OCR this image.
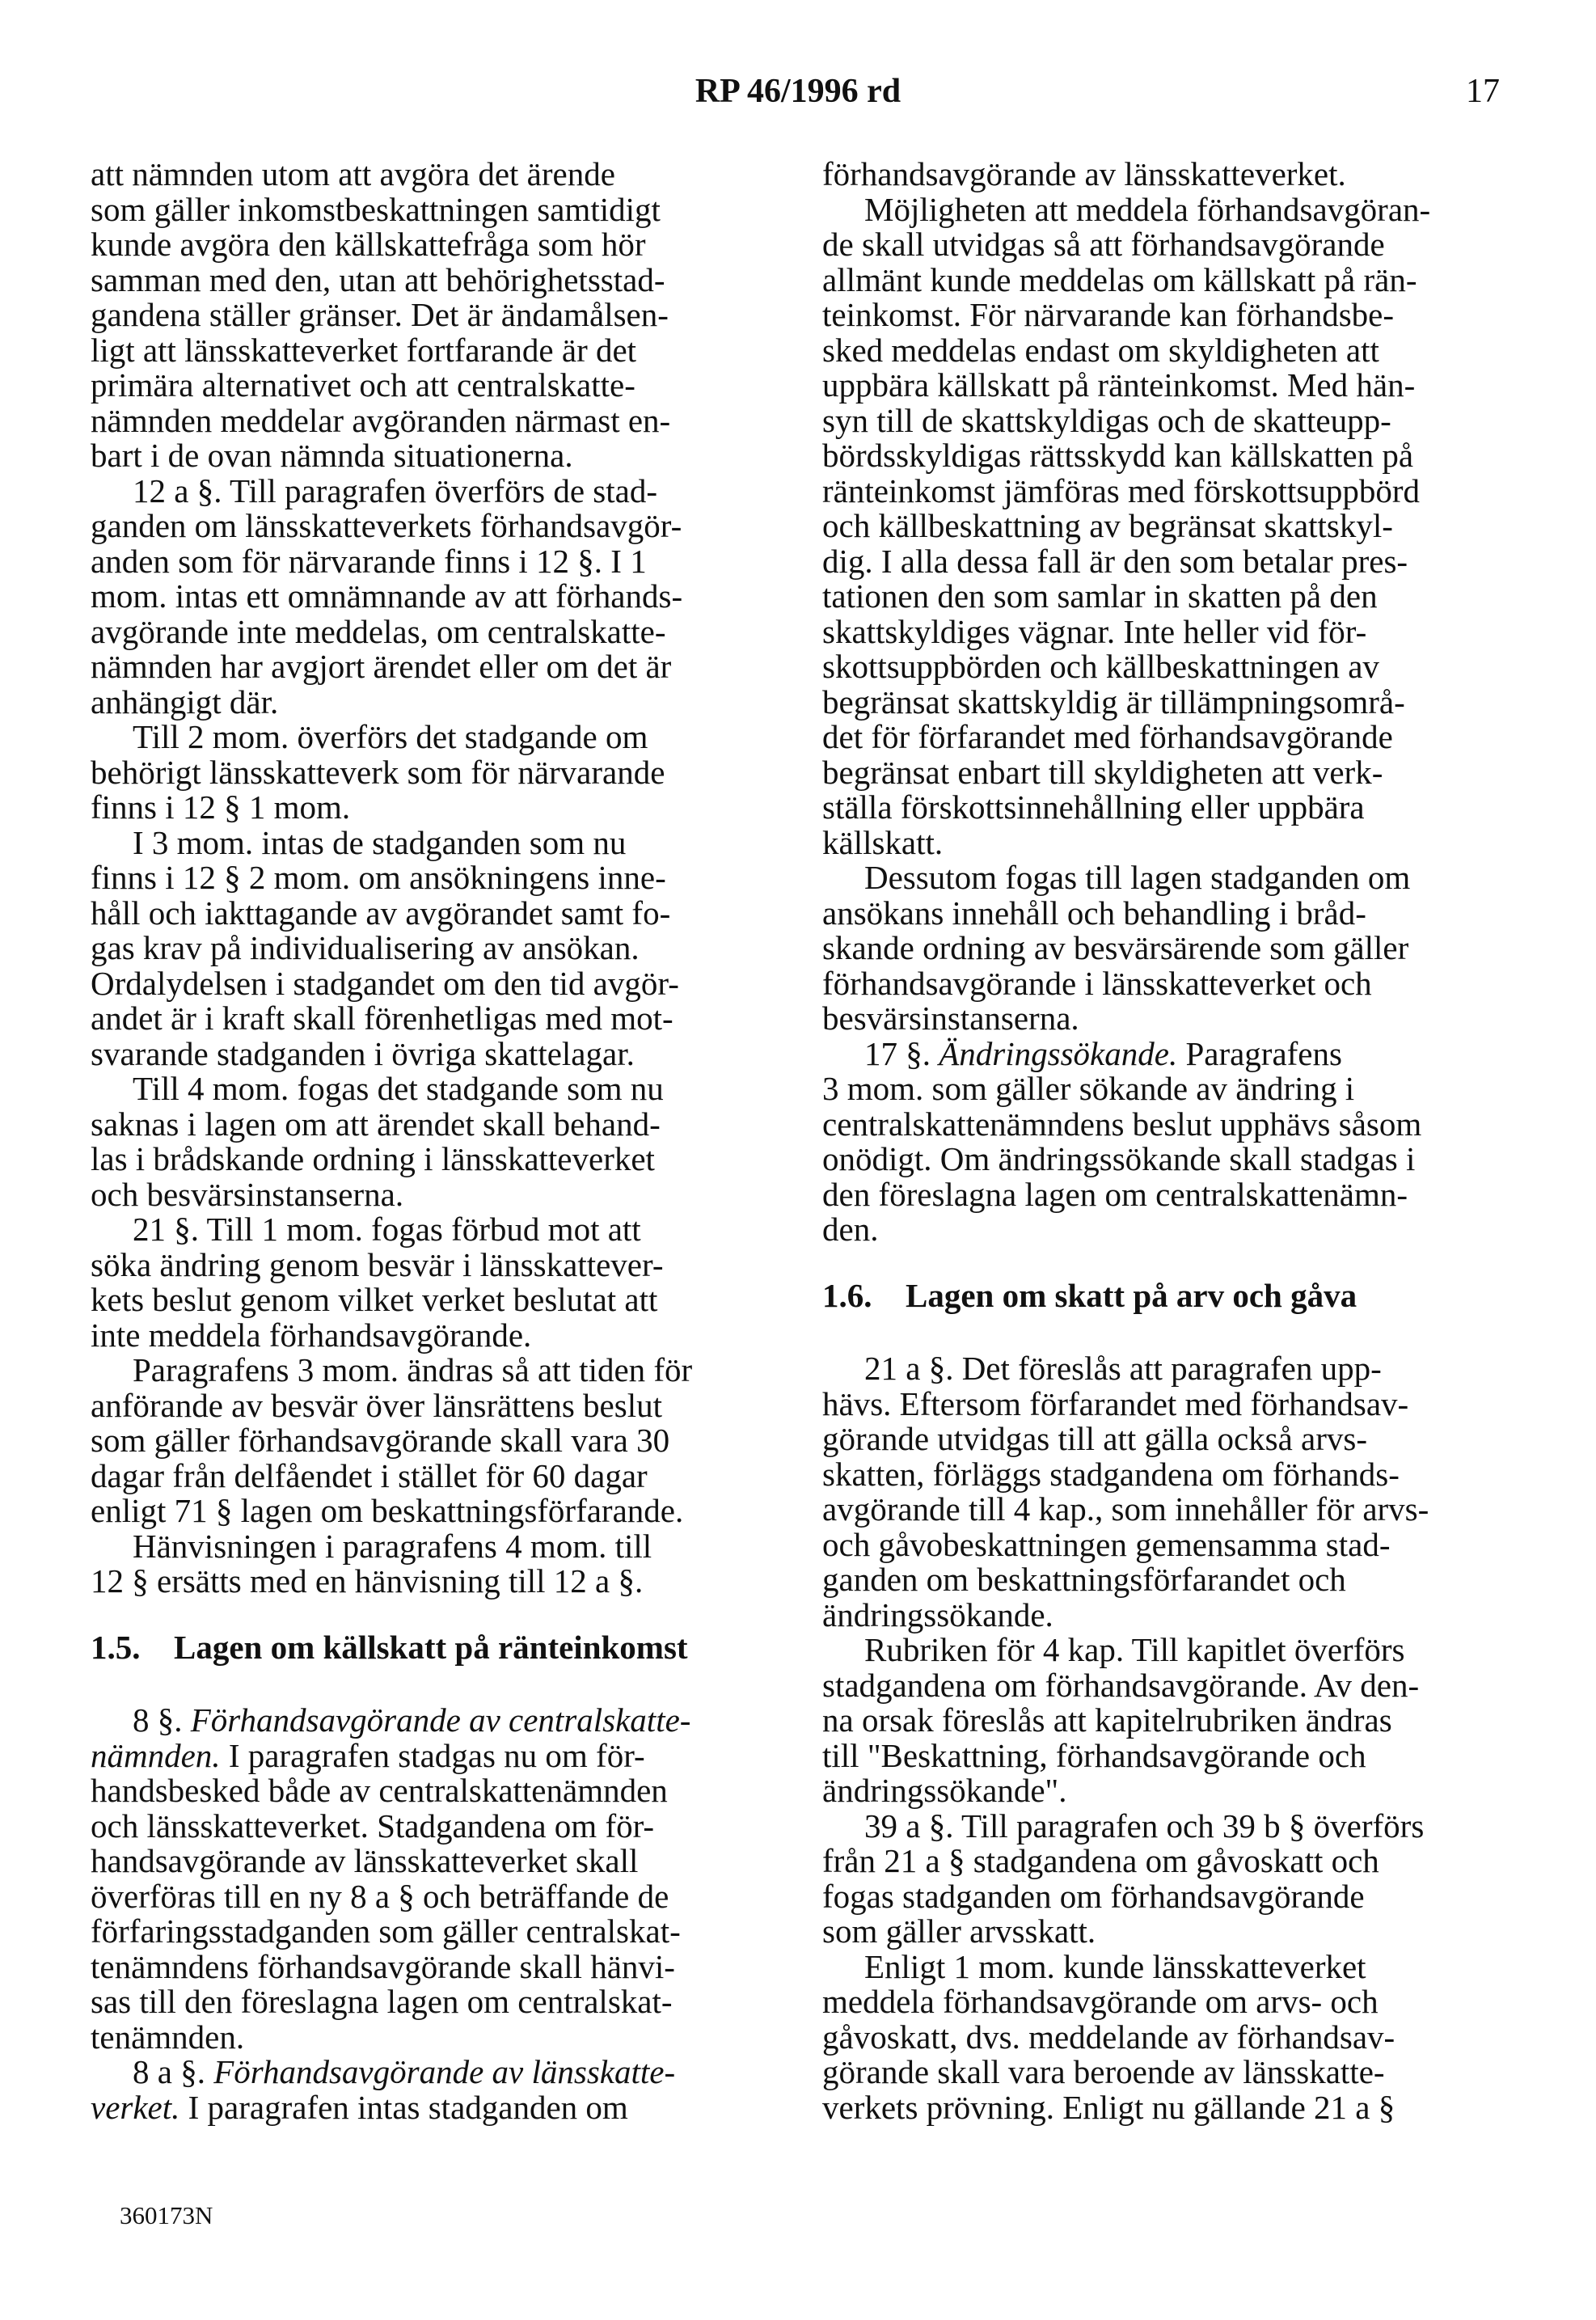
RP 46/1996 rd	17

att nämnden utom att avgöra det ärende
som gäller inkomstbeskattningen samtidigt
kunde avgöra den källskattefråga som hör
samman med den, utan att behörighetsstad-
gandena ställer gränser. Det är ändamålsen-
ligt att länsskatteverket fortfarande är det
primära alternativet och att centralskatte-
nämnden meddelar avgöranden närmast en-
bart i de ovan nämnda situationerna.

12 a §. Till paragrafen överförs de stad-
ganden om länsskatteverkets förhandsavgör-
anden som för närvarande finns i 12 §. I 1
mom. intas ett omnämnande av att förhands-
avgörande inte meddelas, om centralskatte-
nämnden har avgjort ärendet eller om det är
anhängigt där.

Till 2 mom. överförs det stadgande om
behörigt länsskatteverk som för närvarande
finns i 12 § 1 mom.

I 3 mom. intas de stadganden som nu
finns i 12 § 2 mom. om ansökningens inne-
håll och iakttagande av avgörandet samt fo-
gas krav på individualisering av ansökan.
Ordalydelsen i stadgandet om den tid avgör-
andet är i kraft skall förenhetligas med mot-
svarande stadganden i övriga skattelagar.

Till 4 mom. fogas det stadgande som nu
saknas i lagen om att ärendet skall behand-
las i brådskande ordning i länsskatteverket
och besvärsinstanserna.

21 §. Till 1 mom. fogas förbud mot att
söka ändring genom besvär i länsskattever-
kets beslut genom vilket verket beslutat att
inte meddela förhandsavgörande.

Paragrafens 3 mom. ändras så att tiden för
anförande av besvär över länsrättens beslut
som gäller förhandsavgörande skall vara 30
dagar från delfåendet i stället för 60 dagar
enligt 71 § lagen om beskattningsförfarande.

Hänvisningen i paragrafens 4 mom. till
12 § ersätts med en hänvisning till 12 a §.

1.5.	Lagen om källskatt på ränteinkomst

8 §. Förhandsavgörande av centralskatte-
nämnden. I paragrafen stadgas nu om för-
handsbesked både av centralskattenämnden
och länsskatteverket. Stadgandena om för-
handsavgörande av länsskatteverket skall
överföras till en ny 8 a § och beträffande de
förfaringsstadganden som gäller centralskat-
tenämndens förhandsavgörande skall hänvi-
sas till den föreslagna lagen om centralskat-
tenämnden.

8 a §. Förhandsavgörande av länsskatte-
verket. I paragrafen intas stadganden om

förhandsavgörande av länsskatteverket.

Möjligheten att meddela förhandsavgöran-
de skall utvidgas så att förhandsavgörande
allmänt kunde meddelas om källskatt på rän-
teinkomst. För närvarande kan förhandsbe-
sked meddelas endast om skyldigheten att
uppbära källskatt på ränteinkomst. Med hän-
syn till de skattskyldigas och de skatteupp-
bördsskyldigas rättsskydd kan källskatten på
ränteinkomst jämföras med förskottsuppbörd
och källbeskattning av begränsat skattskyl-
dig. I alla dessa fall är den som betalar pres-
tationen den som samlar in skatten på den
skattskyldiges vägnar. Inte heller vid för-
skottsuppbörden och källbeskattningen av
begränsat skattskyldig är tillämpningsområ-
det för förfarandet med förhandsavgörande
begränsat enbart till skyldigheten att verk-
ställa förskottsinnehållning eller uppbära
källskatt.

Dessutom fogas till lagen stadganden om
ansökans innehåll och behandling i bråd-
skande ordning av besvärsärende som gäller
förhandsavgörande i länsskatteverket och
besvärsinstanserna.

17 §. Ändringssökande. Paragrafens
3 mom. som gäller sökande av ändring i
centralskattenämndens beslut upphävs såsom
onödigt. Om ändringssökande skall stadgas i
den föreslagna lagen om centralskattenämn-
den.

1.6.	Lagen om skatt på arv och gåva

21 a §. Det föreslås att paragrafen upp-
hävs. Eftersom förfarandet med förhandsav-
görande utvidgas till att gälla också arvs-
skatten, förläggs stadgandena om förhands-
avgörande till 4 kap., som innehåller för arvs-
och gåvobeskattningen gemensamma stad-
ganden om beskattningsförfarandet och
ändringssökande.

Rubriken för 4 kap. Till kapitlet överförs
stadgandena om förhandsavgörande. Av den-
na orsak föreslås att kapitelrubriken ändras
till "Beskattning, förhandsavgörande och
ändringssökande".

39 a §. Till paragrafen och 39 b § överförs
från 21 a § stadgandena om gåvoskatt och
fogas stadganden om förhandsavgörande
som gäller arvsskatt.

Enligt 1 mom. kunde länsskatteverket
meddela förhandsavgörande om arvs- och
gåvoskatt, dvs. meddelande av förhandsav-
görande skall vara beroende av länsskatte-
verkets prövning. Enligt nu gällande 21 a §

360173N
